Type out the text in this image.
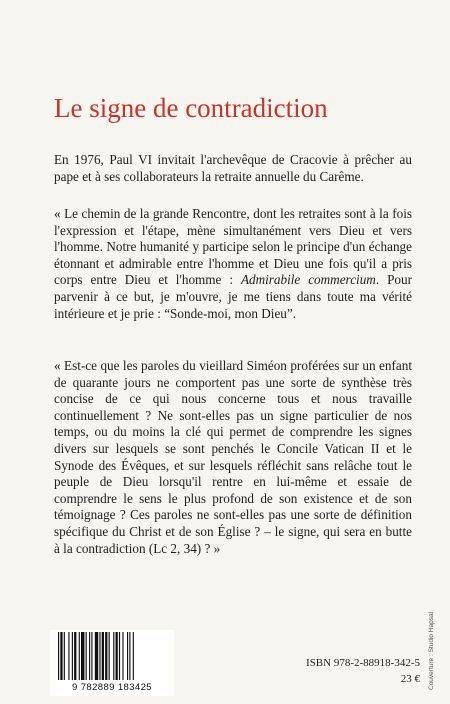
Le signe de contradiction
En 1976, Paul VI invitait l'archevêque de Cracovie à prêcher au pape et à ses collaborateurs la retraite annuelle du Carême.
« Le chemin de la grande Rencontre, dont les retraites sont à la fois l'expression et l'étape, mène simultanément vers Dieu et vers l'homme. Notre humanité y participe selon le principe d'un échange étonnant et admirable entre l'homme et Dieu une fois qu'il a pris corps entre Dieu et l'homme : Admirabile commercium. Pour parvenir à ce but, je m'ouvre, je me tiens dans toute ma vérité intérieure et je prie : “Sonde-moi, mon Dieu”.
« Est-ce que les paroles du vieillard Siméon proférées sur un enfant de quarante jours ne comportent pas une sorte de synthèse très concise de ce qui nous concerne tous et nous travaille continuellement ? Ne sont-elles pas un signe particulier de nos temps, ou du moins la clé qui permet de comprendre les signes divers sur lesquels se sont penchés le Concile Vatican II et le Synode des Évêques, et sur lesquels réfléchit sans relâche tout le peuple de Dieu lorsqu'il rentre en lui-même et essaie de comprendre le sens le plus profond de son existence et de son témoignage ? Ces paroles ne sont-elles pas une sorte de définition spécifique du Christ et de son Église ? – le signe, qui sera en butte à la contradiction (Lc 2, 34) ? »
9 782889 183425
ISBN 978-2-88918-342-5
23 € Couverture : Studio Hapsal
